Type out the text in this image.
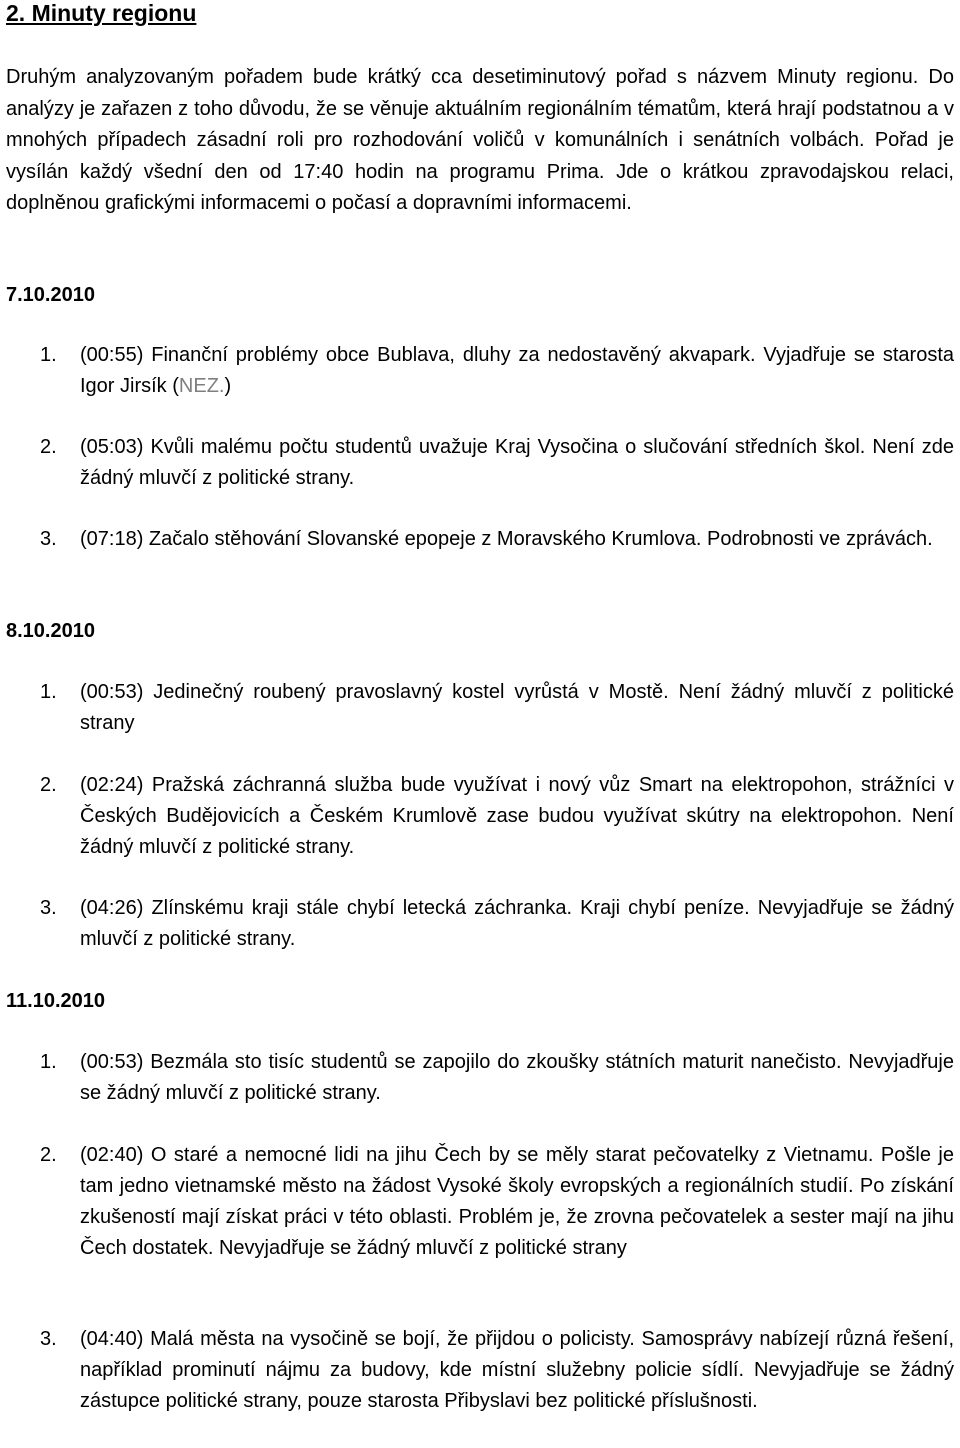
2. Minuty regionu

Druhým analyzovaným pořadem bude krátký cca desetiminutový pořad s názvem Minuty regionu. Do analýzy je zařazen z toho důvodu, že se věnuje aktuálním regionálním tématům, která hrají podstatnou a v mnohých případech zásadní roli pro rozhodování voličů v komunálních i senátních volbách. Pořad je vysílán každý všední den od 17:40 hodin na programu Prima. Jde o krátkou zpravodajskou relaci, doplněnou grafickými informacemi o počasí a dopravními informacemi.

7.10.2010
1. (00:55) Finanční problémy obce Bublava, dluhy za nedostavěný akvapark. Vyjadřuje se starosta Igor Jirsík (NEZ.)

2. (05:03) Kvůli malému počtu studentů uvažuje Kraj Vysočina o slučování středních škol. Není zde žádný mluvčí z politické strany.

3. (07:18) Začalo stěhování Slovanské epopeje z Moravského Krumlova. Podrobnosti ve zprávách.

8.10.2010
1. (00:53) Jedinečný roubený pravoslavný kostel vyrůstá v Mostě. Není žádný mluvčí z politické strany

2. (02:24) Pražská záchranná služba bude využívat i nový vůz Smart na elektropohon, strážníci v Českých Budějovicích a Českém Krumlově zase budou využívat skútry na elektropohon. Není žádný mluvčí z politické strany.

3. (04:26) Zlínskému kraji stále chybí letecká záchranka. Kraji chybí peníze. Nevyjadřuje se žádný mluvčí z politické strany.

11.10.2010
1. (00:53) Bezmála sto tisíc studentů se zapojilo do zkoušky státních maturit nanečisto. Nevyjadřuje se žádný mluvčí z politické strany.

2. (02:40) O staré a nemocné lidi na jihu Čech by se měly starat pečovatelky z Vietnamu. Pošle je tam jedno vietnamské město na žádost Vysoké školy evropských a regionálních studií. Po získání zkušeností mají získat práci v této oblasti. Problém je, že zrovna pečovatelek a sester mají na jihu Čech dostatek. Nevyjadřuje se žádný mluvčí z politické strany

3. (04:40) Malá města na vysočině se bojí, že přijdou o policisty. Samosprávy nabízejí různá řešení, například prominutí nájmu za budovy, kde místní služebny policie sídlí. Nevyjadřuje se žádný zástupce politické strany, pouze starosta Přibyslavi bez politické příslušnosti.
